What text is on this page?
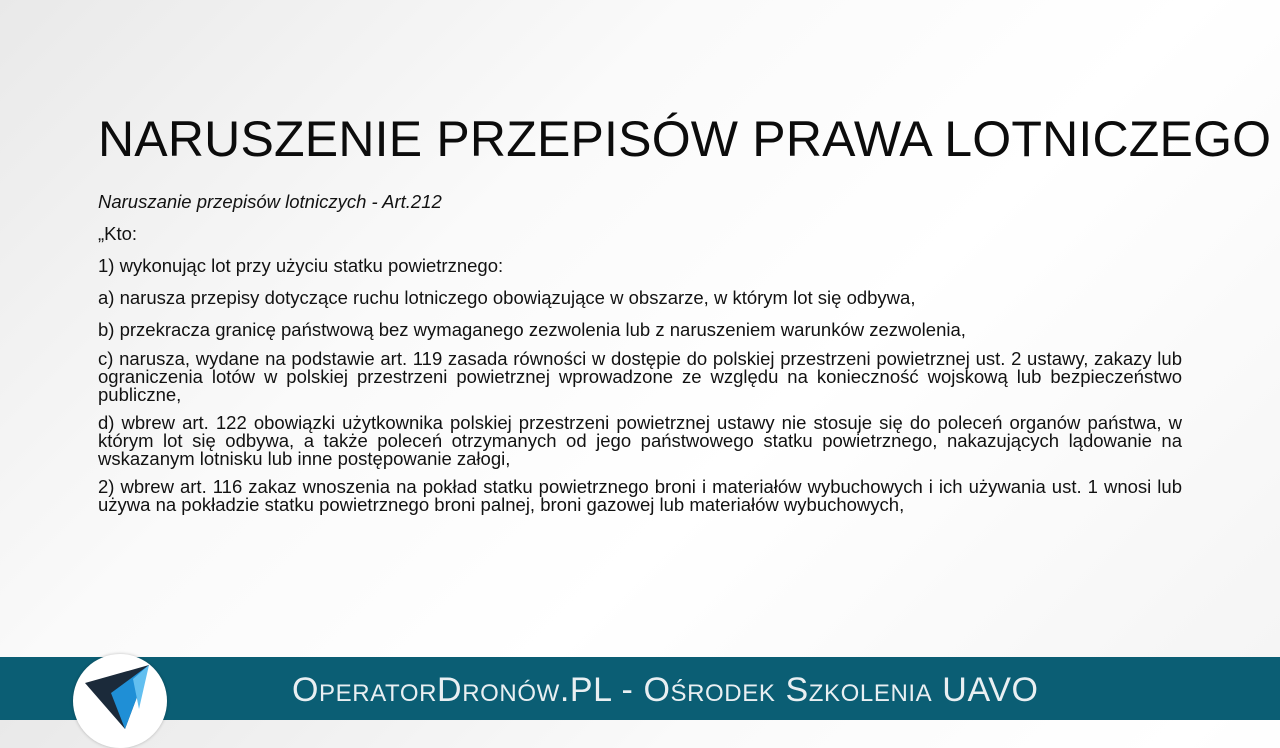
NARUSZENIE PRZEPISÓW PRAWA LOTNICZEGO

Naruszanie przepisów lotniczych - Art.212

„Kto:

1) wykonując lot przy użyciu statku powietrznego:

a) narusza przepisy dotyczące ruchu lotniczego obowiązujące w obszarze, w którym lot się odbywa,

b) przekracza granicę państwową bez wymaganego zezwolenia lub z naruszeniem warunków zezwolenia,

c) narusza, wydane na podstawie art. 119 zasada równości w dostępie do polskiej przestrzeni powietrznej ust. 2 ustawy, zakazy lub ograniczenia lotów w polskiej przestrzeni powietrznej wprowadzone ze względu na konieczność wojskową lub bezpieczeństwo publiczne,

d) wbrew art. 122 obowiązki użytkownika polskiej przestrzeni powietrznej ustawy nie stosuje się do poleceń organów państwa, w którym lot się odbywa, a także poleceń otrzymanych od jego państwowego statku powietrznego, nakazujących lądowanie na wskazanym lotnisku lub inne postępowanie załogi,

2) wbrew art. 116 zakaz wnoszenia na pokład statku powietrznego broni i materiałów wybuchowych i ich używania ust. 1 wnosi lub używa na pokładzie statku powietrznego broni palnej, broni gazowej lub materiałów wybuchowych,

OperatorDronów.PL - Ośrodek Szkolenia UAVO
